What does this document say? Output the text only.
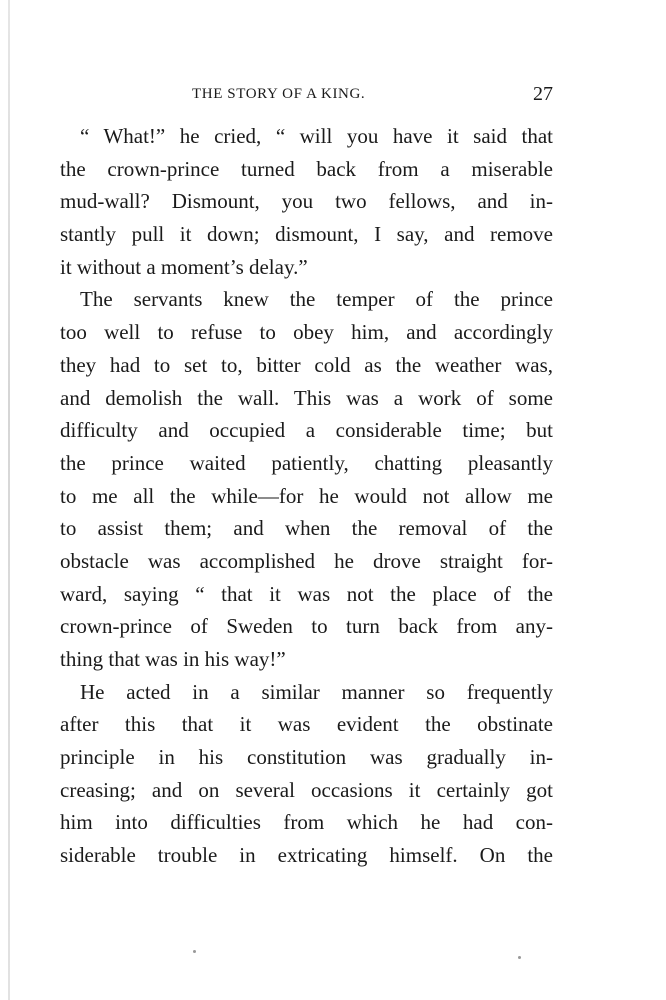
THE STORY OF A KING.	27
“ What!” he cried, “ will you have it said that
the crown-prince turned back from a miserable
mud-wall? Dismount, you two fellows, and in-
stantly pull it down; dismount, I say, and remove
it without a moment’s delay.”
The servants knew the temper of the prince
too well to refuse to obey him, and accordingly
they had to set to, bitter cold as the weather was,
and demolish the wall. This was a work of some
difficulty and occupied a considerable time; but
the prince waited patiently, chatting pleasantly
to me all the while—for he would not allow me
to assist them; and when the removal of the
obstacle was accomplished he drove straight for-
ward, saying “ that it was not the place of the
crown-prince of Sweden to turn back from any-
thing that was in his way!”
He acted in a similar manner so frequently
after this that it was evident the obstinate
principle in his constitution was gradually in-
creasing; and on several occasions it certainly got
him into difficulties from which he had con-
siderable trouble in extricating himself. On the
